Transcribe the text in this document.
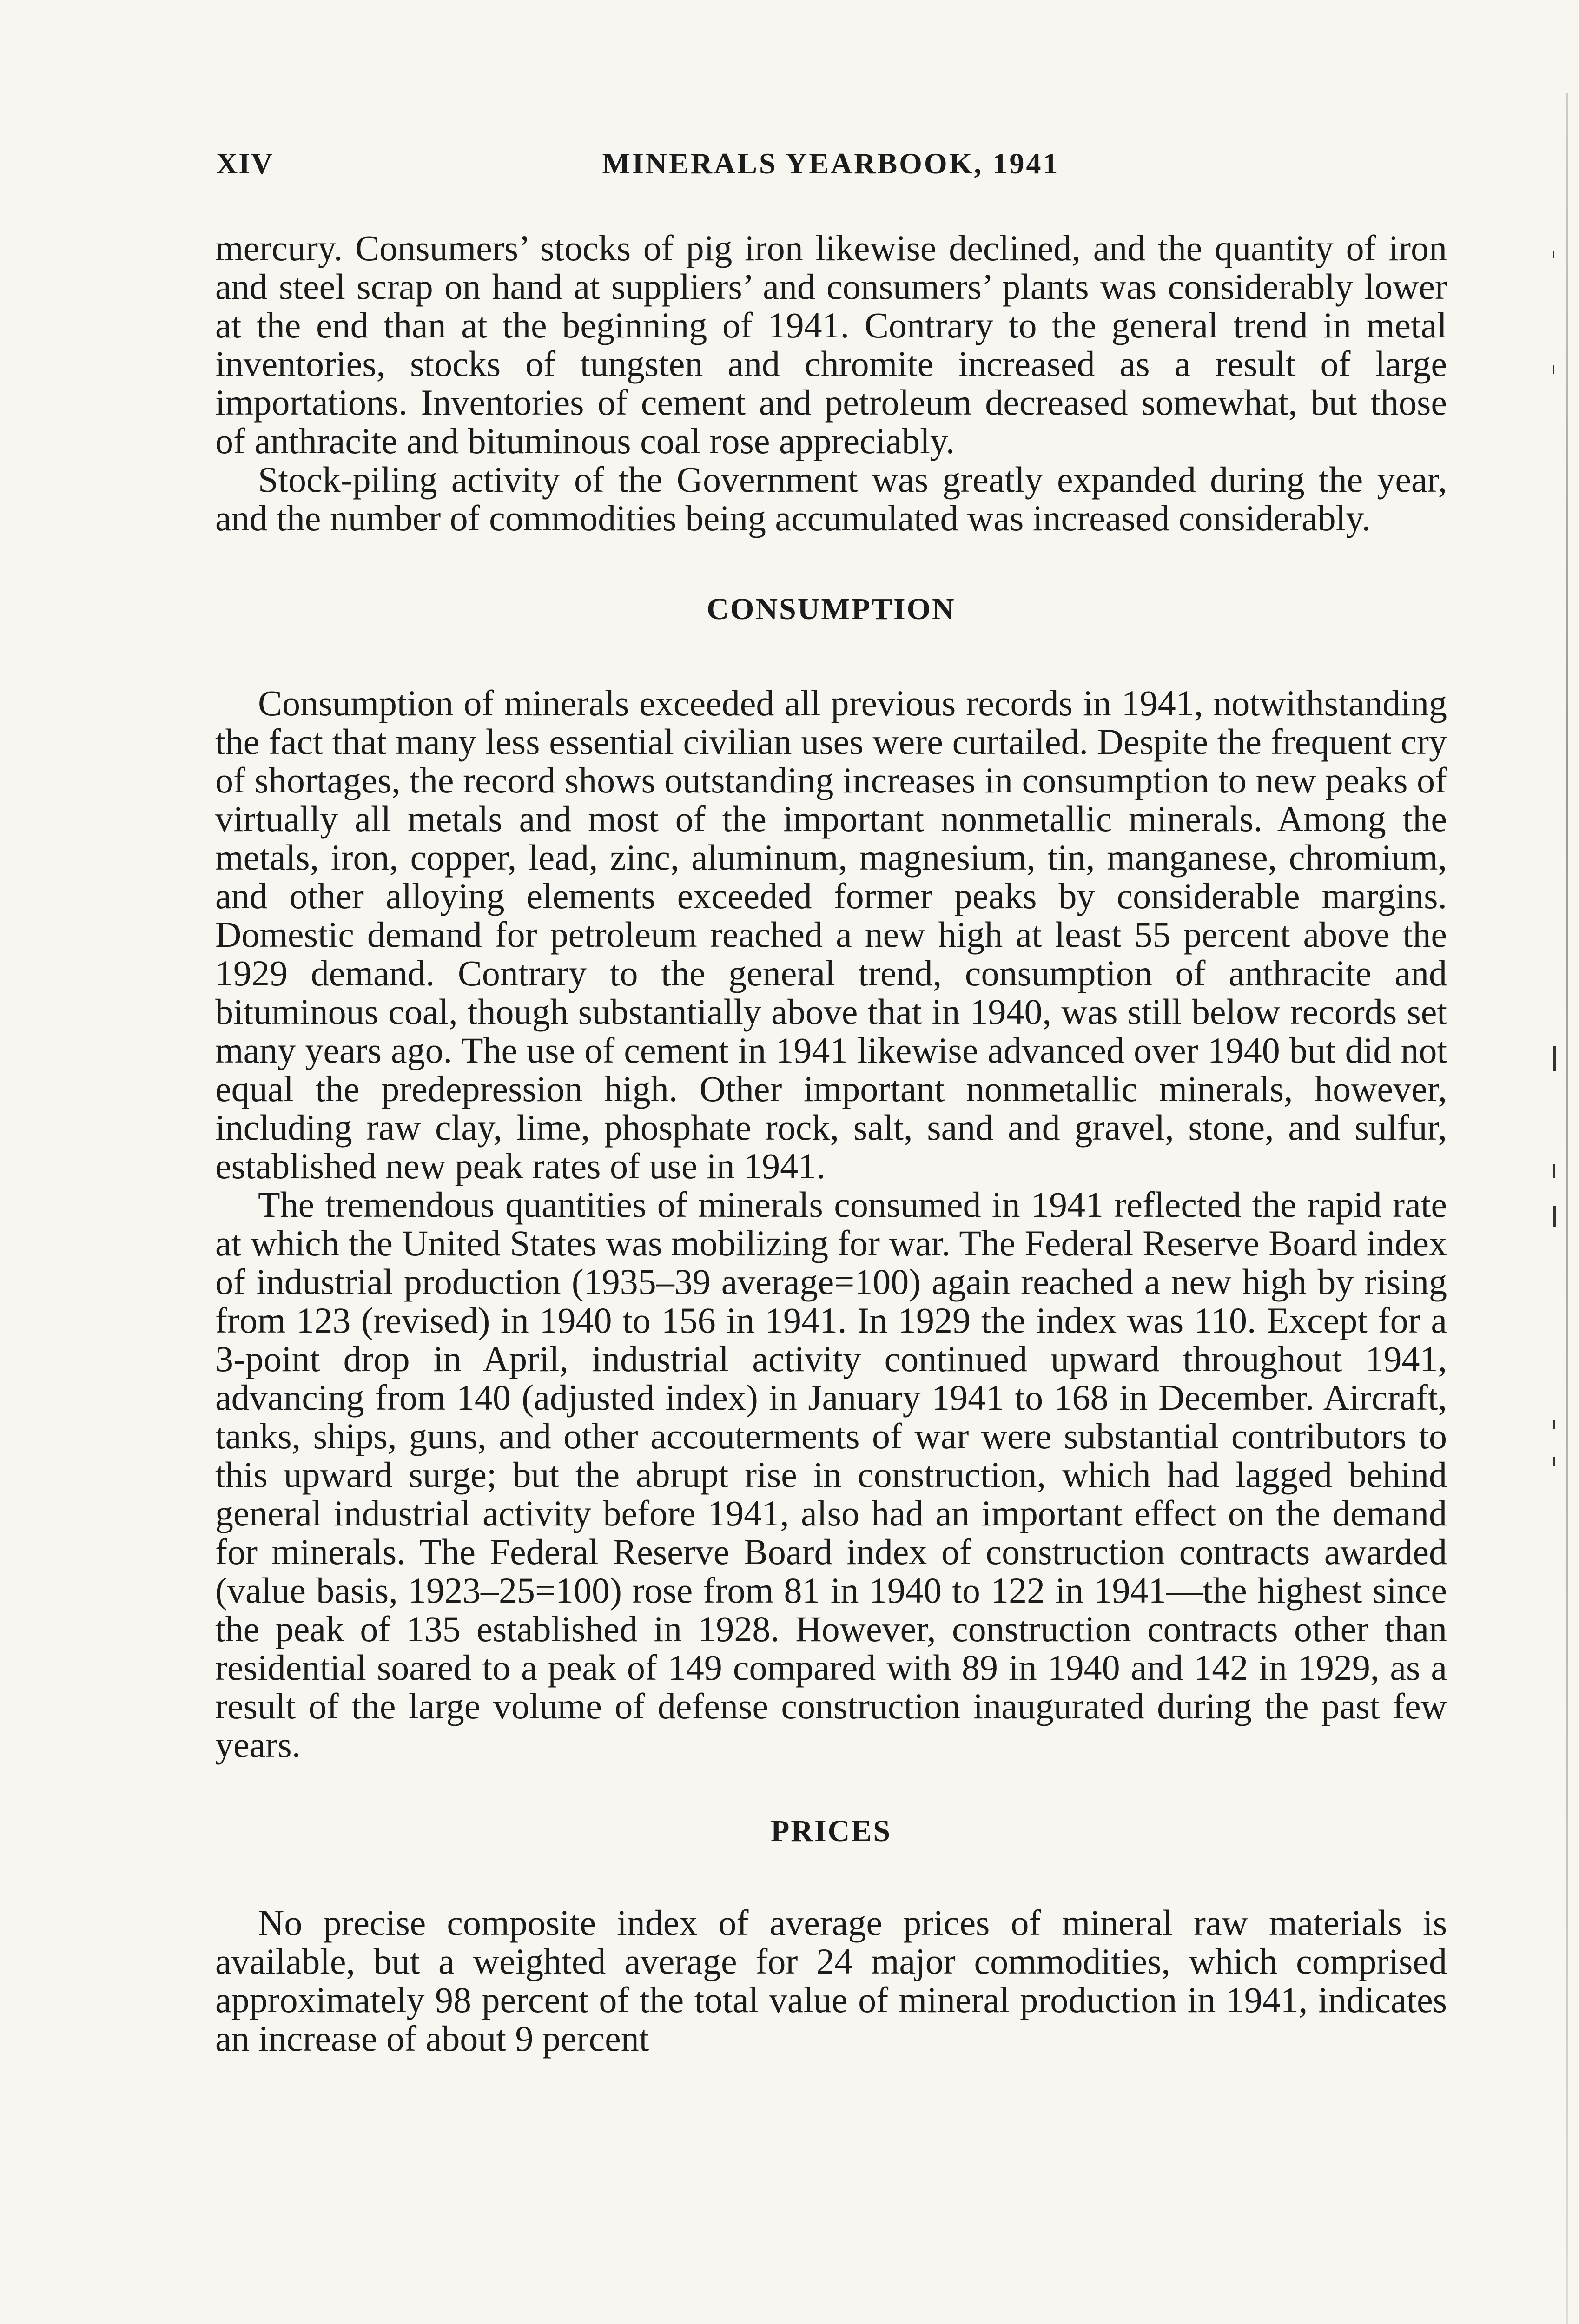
XIV	MINERALS YEARBOOK, 1941

mercury. Consumers’ stocks of pig iron likewise declined, and the quantity of iron and steel scrap on hand at suppliers’ and consumers’ plants was considerably lower at the end than at the beginning of 1941. Contrary to the general trend in metal inventories, stocks of tungsten and chromite increased as a result of large importations. Inventories of cement and petroleum decreased somewhat, but those of anthracite and bituminous coal rose appreciably.

Stock-piling activity of the Government was greatly expanded during the year, and the number of commodities being accumulated was increased considerably.

CONSUMPTION

Consumption of minerals exceeded all previous records in 1941, notwithstanding the fact that many less essential civilian uses were curtailed. Despite the frequent cry of shortages, the record shows outstanding increases in consumption to new peaks of virtually all metals and most of the important nonmetallic minerals. Among the metals, iron, copper, lead, zinc, aluminum, magnesium, tin, manganese, chromium, and other alloying elements exceeded former peaks by considerable margins. Domestic demand for petroleum reached a new high at least 55 percent above the 1929 demand. Contrary to the general trend, consumption of anthracite and bituminous coal, though substantially above that in 1940, was still below records set many years ago. The use of cement in 1941 likewise advanced over 1940 but did not equal the predepression high. Other important nonmetallic minerals, however, including raw clay, lime, phosphate rock, salt, sand and gravel, stone, and sulfur, established new peak rates of use in 1941.

The tremendous quantities of minerals consumed in 1941 reflected the rapid rate at which the United States was mobilizing for war. The Federal Reserve Board index of industrial production (1935–39 average=100) again reached a new high by rising from 123 (revised) in 1940 to 156 in 1941. In 1929 the index was 110. Except for a 3-point drop in April, industrial activity continued upward throughout 1941, advancing from 140 (adjusted index) in January 1941 to 168 in December. Aircraft, tanks, ships, guns, and other accouterments of war were substantial contributors to this upward surge; but the abrupt rise in construction, which had lagged behind general industrial activity before 1941, also had an important effect on the demand for minerals. The Federal Reserve Board index of construction contracts awarded (value basis, 1923–25=100) rose from 81 in 1940 to 122 in 1941—the highest since the peak of 135 established in 1928. However, construction contracts other than residential soared to a peak of 149 compared with 89 in 1940 and 142 in 1929, as a result of the large volume of defense construction inaugurated during the past few years.

PRICES

No precise composite index of average prices of mineral raw materials is available, but a weighted average for 24 major commodities, which comprised approximately 98 percent of the total value of mineral production in 1941, indicates an increase of about 9 percent
